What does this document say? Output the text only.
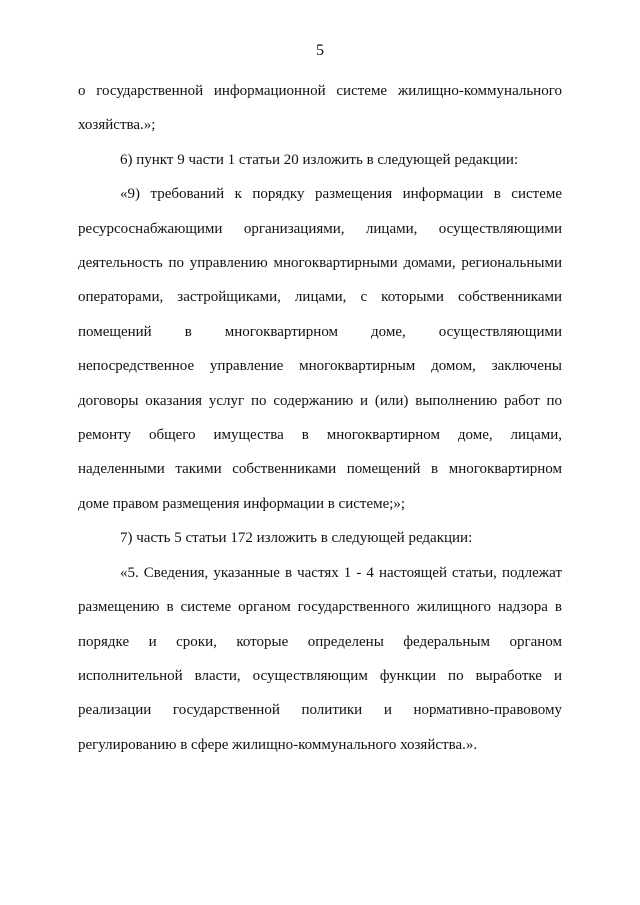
5

о государственной информационной системе жилищно-коммунального хозяйства.»;

6) пункт 9 части 1 статьи 20 изложить в следующей редакции:

«9) требований к порядку размещения информации в системе ресурсоснабжающими организациями, лицами, осуществляющими деятельность по управлению многоквартирными домами, региональными операторами, застройщиками, лицами, с которыми собственниками помещений в многоквартирном доме, осуществляющими непосредственное управление многоквартирным домом, заключены договоры оказания услуг по содержанию и (или) выполнению работ по ремонту общего имущества в многоквартирном доме, лицами, наделенными такими собственниками помещений в многоквартирном доме правом размещения информации в системе;»;

7) часть 5 статьи 172 изложить в следующей редакции:

«5. Сведения, указанные в частях 1 - 4 настоящей статьи, подлежат размещению в системе органом государственного жилищного надзора в порядке и сроки, которые определены федеральным органом исполнительной власти, осуществляющим функции по выработке и реализации государственной политики и нормативно-правовому регулированию в сфере жилищно-коммунального хозяйства.».
